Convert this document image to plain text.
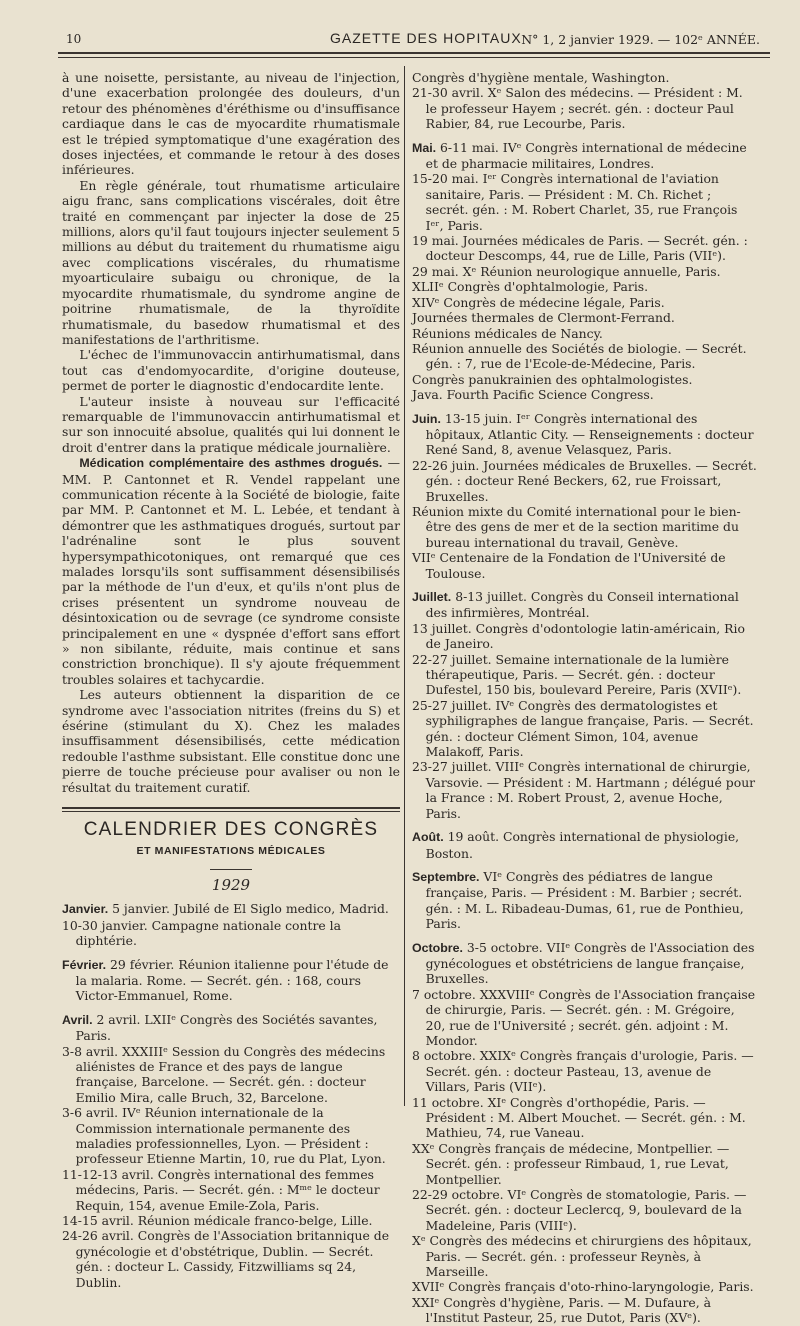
10	GAZETTE DES HOPITAUX N° 1, 2 janvier 1929. — 102ᵉ ANNÉE.

à une noisette, persistante, au niveau de l'injection, d'une exacerbation prolongée des douleurs, d'un retour des phénomènes d'éréthisme ou d'insuffisance cardiaque dans le cas de myocardite rhumatismale est le trépied symptomatique d'une exagération des doses injectées, et commande le retour à des doses inférieures.

En règle générale, tout rhumatisme articulaire aigu franc, sans complications viscérales, doit être traité en commençant par injecter la dose de 25 millions, alors qu'il faut toujours injecter seulement 5 millions au début du traitement du rhumatisme aigu avec complications viscérales, du rhumatisme myoarticulaire subaigu ou chronique, de la myocardite rhumatismale, du syndrome angine de poitrine rhumatismale, de la thyroïdite rhumatismale, du basedow rhumatismal et des manifestations de l'arthritisme.

L'échec de l'immunovaccin antirhumatismal, dans tout cas d'endomyocardite, d'origine douteuse, permet de porter le diagnostic d'endocardite lente.

L'auteur insiste à nouveau sur l'efficacité remarquable de l'immunovaccin antirhumatismal et sur son innocuité absolue, qualités qui lui donnent le droit d'entrer dans la pratique médicale journalière.

Médication complémentaire des asthmes drogués. — MM. P. Cantonnet et R. Vendel rappelant une communication récente à la Société de biologie, faite par MM. P. Cantonnet et M. L. Lebée, et tendant à démontrer que les asthmatiques drogués, surtout par l'adrénaline sont le plus souvent hypersympathicotoniques, ont remarqué que ces malades lorsqu'ils sont suffisamment désensibilisés par la méthode de l'un d'eux, et qu'ils n'ont plus de crises présentent un syndrome nouveau de désintoxication ou de sevrage (ce syndrome consiste principalement en une « dyspnée d'effort sans effort » non sibilante, réduite, mais continue et sans constriction bronchique). Il s'y ajoute fréquemment troubles solaires et tachycardie.

Les auteurs obtiennent la disparition de ce syndrome avec l'association nitrites (freins du S) et ésérine (stimulant du X). Chez les malades insuffisamment désensibilisés, cette médication redouble l'asthme subsistant. Elle constitue donc une pierre de touche précieuse pour avaliser ou non le résultat du traitement curatif.

CALENDRIER DES CONGRÈS
ET MANIFESTATIONS MÉDICALES
1929

Janvier. 5 janvier. Jubilé de El Siglo medico, Madrid.

10-30 janvier. Campagne nationale contre la diphtérie.

Février. 29 février. Réunion italienne pour l'étude de la malaria. Rome. — Secrét. gén. : 168, cours Victor-Emmanuel, Rome.

Avril. 2 avril. LXIIᵉ Congrès des Sociétés savantes, Paris.

3-8 avril. XXXIIIᵉ Session du Congrès des médecins aliénistes de France et des pays de langue française, Barcelone. — Secrét. gén. : docteur Emilio Mira, calle Bruch, 32, Barcelone.

3-6 avril. IVᵉ Réunion internationale de la Commission internationale permanente des maladies professionnelles, Lyon. — Président : professeur Etienne Martin, 10, rue du Plat, Lyon.

11-12-13 avril. Congrès international des femmes médecins, Paris. — Secrét. gén. : Mᵐᵉ le docteur Requin, 154, avenue Emile-Zola, Paris.

14-15 avril. Réunion médicale franco-belge, Lille.

24-26 avril. Congrès de l'Association britannique de gynécologie et d'obstétrique, Dublin. — Secrét. gén. : docteur L. Cassidy, Fitzwilliams sq 24, Dublin.

Congrès d'hygiène mentale, Washington.

21-30 avril. Xᵉ Salon des médecins. — Président : M. le professeur Hayem ; secrét. gén. : docteur Paul Rabier, 84, rue Lecourbe, Paris.

Mai. 6-11 mai. IVᵉ Congrès international de médecine et de pharmacie militaires, Londres.

15-20 mai. Iᵉʳ Congrès international de l'aviation sanitaire, Paris. — Président : M. Ch. Richet ; secrét. gén. : M. Robert Charlet, 35, rue François Iᵉʳ, Paris.

19 mai. Journées médicales de Paris. — Secrét. gén. : docteur Descomps, 44, rue de Lille, Paris (VIIᵉ).

29 mai. Xᵉ Réunion neurologique annuelle, Paris.

XLIIᵉ Congrès d'ophtalmologie, Paris.

XIVᵉ Congrès de médecine légale, Paris.

Journées thermales de Clermont-Ferrand.

Réunions médicales de Nancy.

Réunion annuelle des Sociétés de biologie. — Secrét. gén. : 7, rue de l'Ecole-de-Médecine, Paris.

Congrès panukrainien des ophtalmologistes.

Java. Fourth Pacific Science Congress.

Juin. 13-15 juin. Iᵉʳ Congrès international des hôpitaux, Atlantic City. — Renseignements : docteur René Sand, 8, avenue Velasquez, Paris.

22-26 juin. Journées médicales de Bruxelles. — Secrét. gén. : docteur René Beckers, 62, rue Froissart, Bruxelles.

Réunion mixte du Comité international pour le bien-être des gens de mer et de la section maritime du bureau international du travail, Genève.

VIIᵉ Centenaire de la Fondation de l'Université de Toulouse.

Juillet. 8-13 juillet. Congrès du Conseil international des infirmières, Montréal.

13 juillet. Congrès d'odontologie latin-américain, Rio de Janeiro.

22-27 juillet. Semaine internationale de la lumière thérapeutique, Paris. — Secrét. gén. : docteur Dufestel, 150 bis, boulevard Pereire, Paris (XVIIᵉ).

25-27 juillet. IVᵉ Congrès des dermatologistes et syphiligraphes de langue française, Paris. — Secrét. gén. : docteur Clément Simon, 104, avenue Malakoff, Paris.

23-27 juillet. VIIIᵉ Congrès international de chirurgie, Varsovie. — Président : M. Hartmann ; délégué pour la France : M. Robert Proust, 2, avenue Hoche, Paris.

Août. 19 août. Congrès international de physiologie, Boston.

Septembre. VIᵉ Congrès des pédiatres de langue française, Paris. — Président : M. Barbier ; secrét. gén. : M. L. Ribadeau-Dumas, 61, rue de Ponthieu, Paris.

Octobre. 3-5 octobre. VIIᵉ Congrès de l'Association des gynécologues et obstétriciens de langue française, Bruxelles.

7 octobre. XXXVIIIᵉ Congrès de l'Association française de chirurgie, Paris. — Secrét. gén. : M. Grégoire, 20, rue de l'Université ; secrét. gén. adjoint : M. Mondor.

8 octobre. XXIXᵉ Congrès français d'urologie, Paris. — Secrét. gén. : docteur Pasteau, 13, avenue de Villars, Paris (VIIᵉ).

11 octobre. XIᵉ Congrès d'orthopédie, Paris. — Président : M. Albert Mouchet. — Secrét. gén. : M. Mathieu, 74, rue Vaneau.

XXᵉ Congrès français de médecine, Montpellier. — Secrét. gén. : professeur Rimbaud, 1, rue Levat, Montpellier.

22-29 octobre. VIᵉ Congrès de stomatologie, Paris. — Secrét. gén. : docteur Leclercq, 9, boulevard de la Madeleine, Paris (VIIIᵉ).

Xᵉ Congrès des médecins et chirurgiens des hôpitaux, Paris. — Secrét. gén. : professeur Reynès, à Marseille.

XVIIᵉ Congrès français d'oto-rhino-laryngologie, Paris.

XXIᵉ Congrès d'hygiène, Paris. — M. Dufaure, à l'Institut Pasteur, 25, rue Dutot, Paris (XVᵉ).
